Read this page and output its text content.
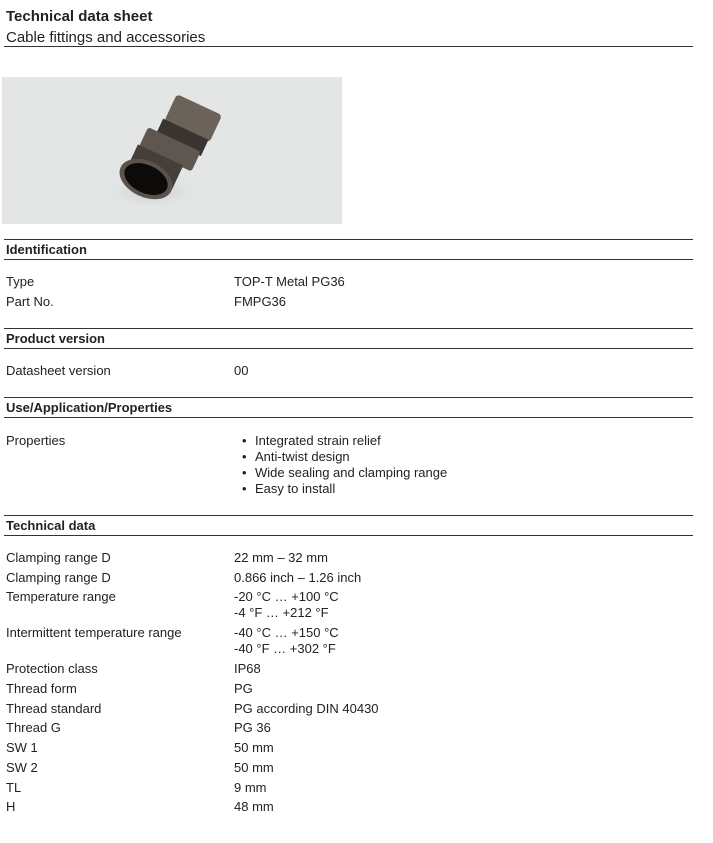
Technical data sheet
Cable fittings and accessories
Identification
Type	TOP-T Metal PG36
Part No.	FMPG36
Product version
Datasheet version	00
Use/Application/Properties
Properties	• Integrated strain relief
• Anti-twist design
• Wide sealing and clamping range
• Easy to install
Technical data
Clamping range D	22 mm – 32 mm
Clamping range D	0.866 inch – 1.26 inch
Temperature range	-20 °C … +100 °C
-4 °F … +212 °F
Intermittent temperature range	-40 °C … +150 °C
-40 °F … +302 °F
Protection class	IP68
Thread form	PG
Thread standard	PG according DIN 40430
Thread G	PG 36
SW 1	50 mm
SW 2	50 mm
TL	9 mm
H	48 mm
